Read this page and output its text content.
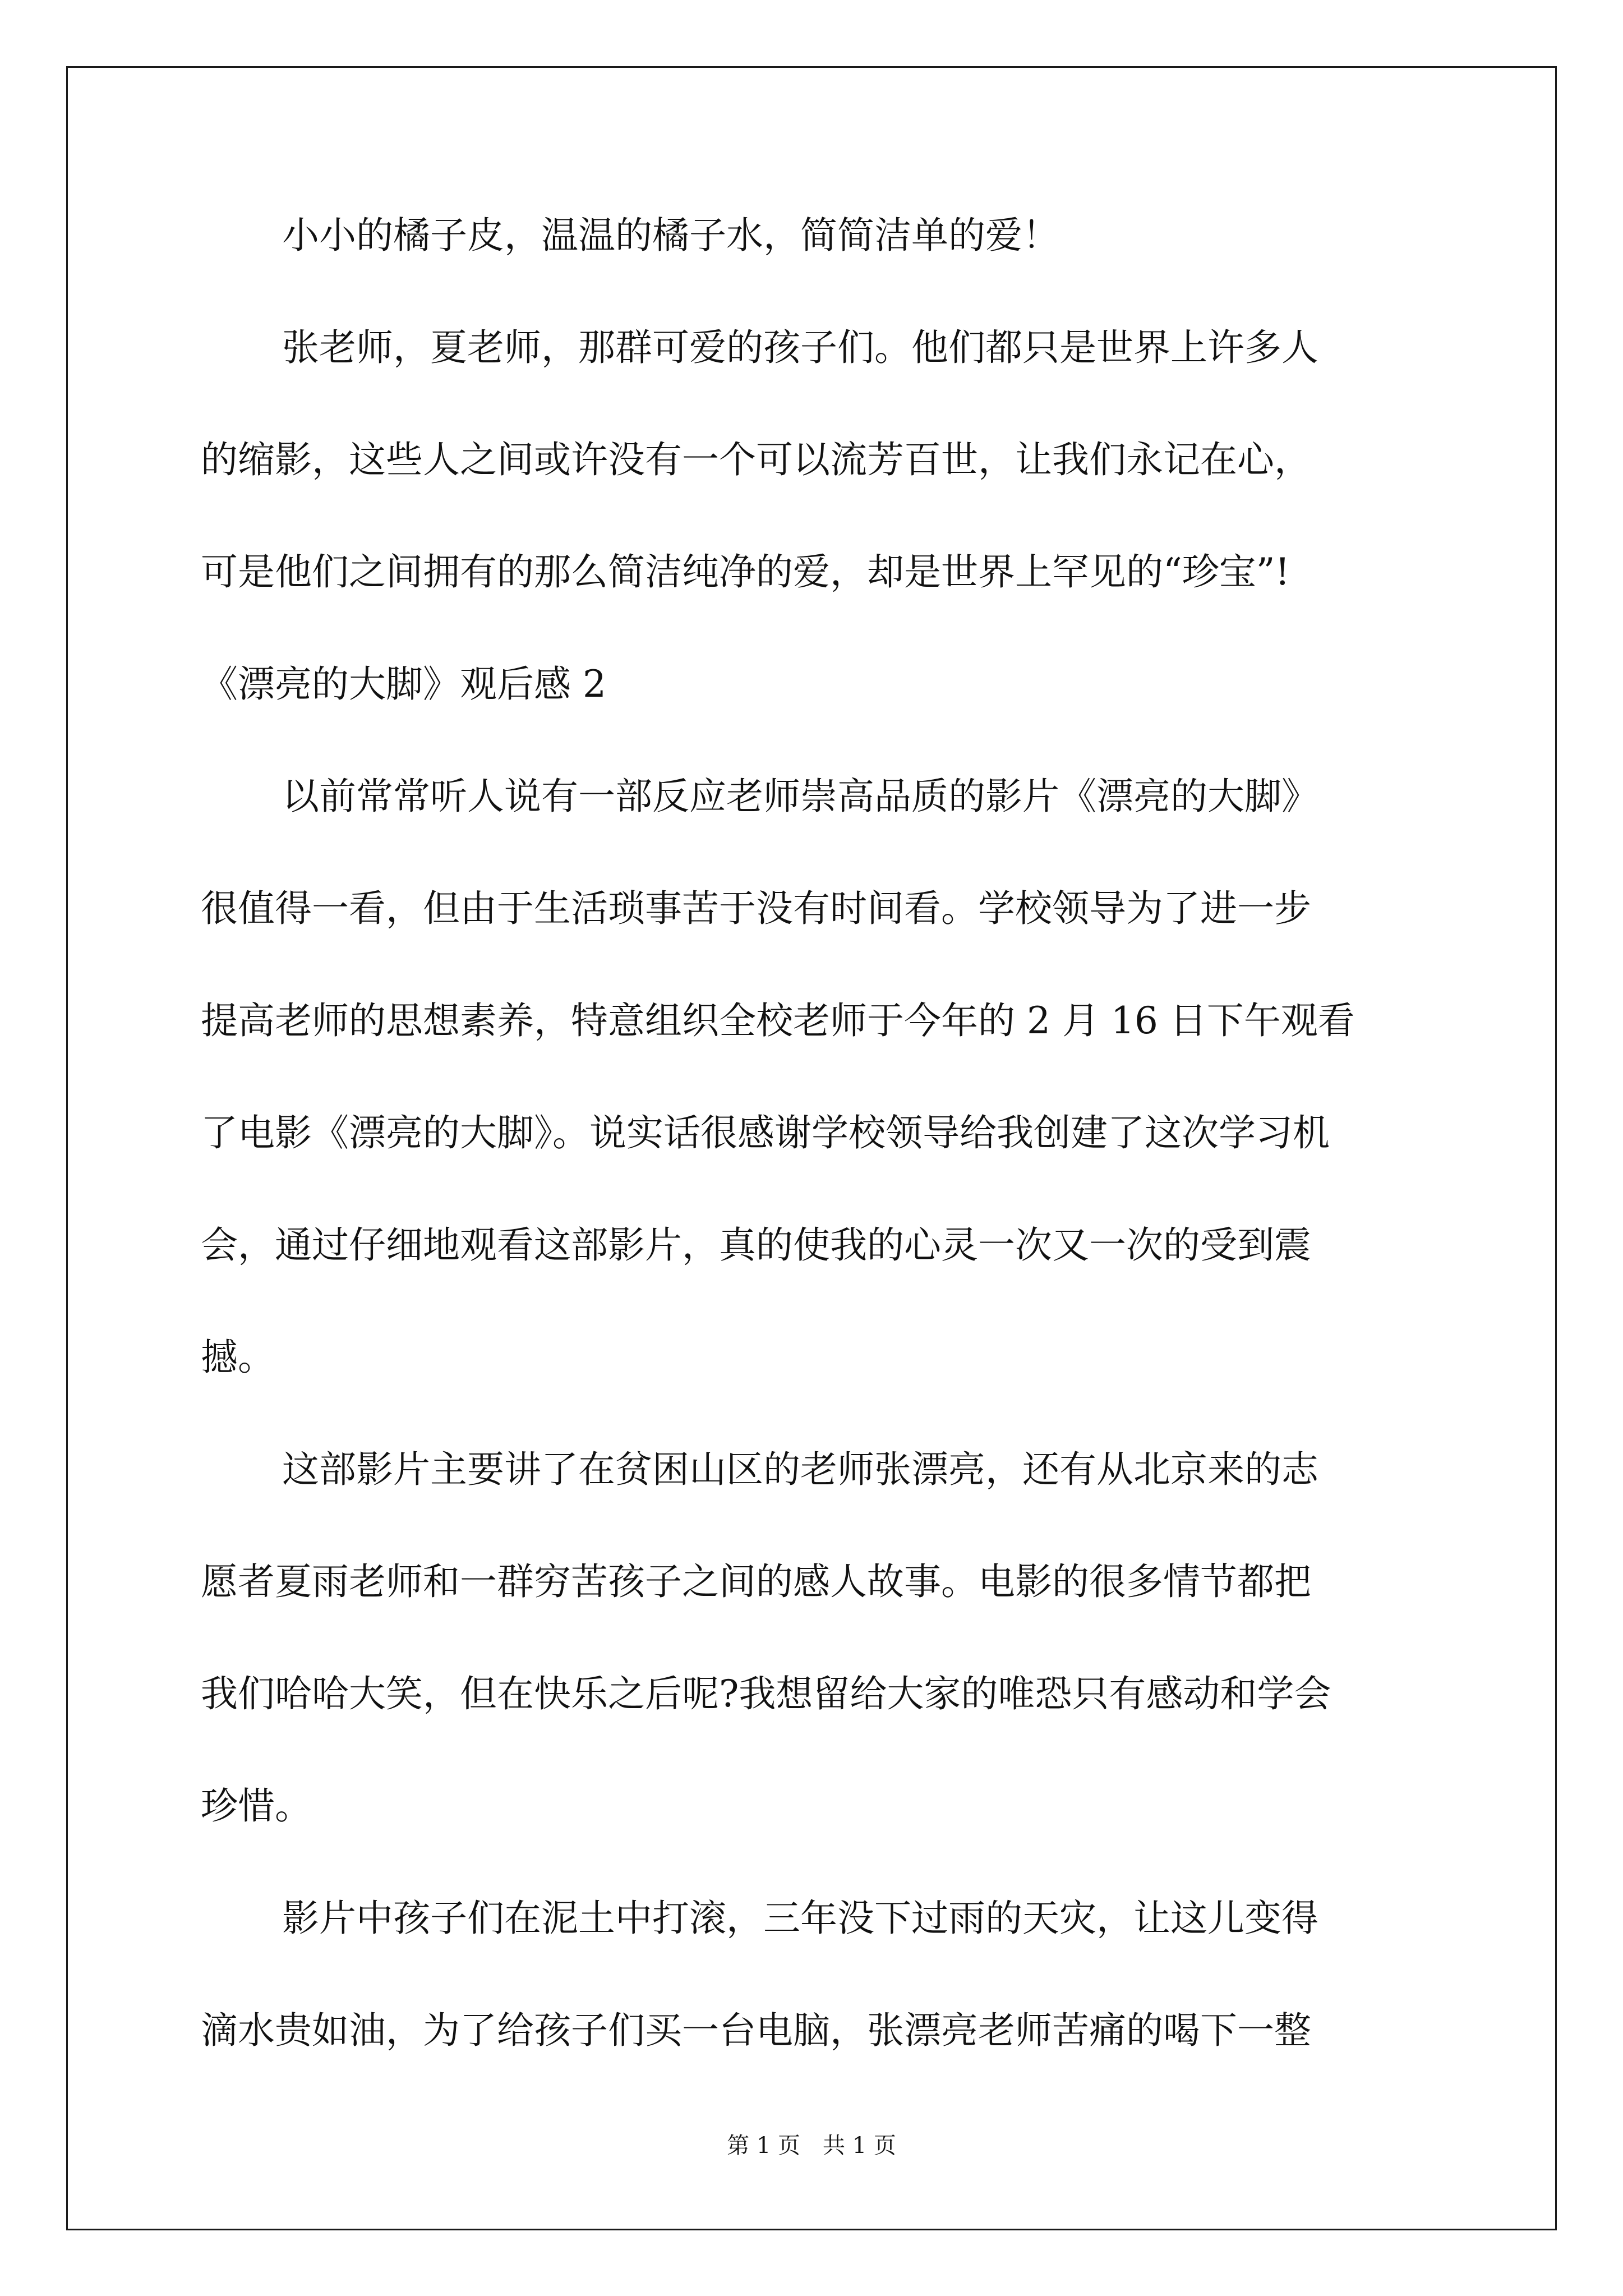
小小的橘子皮，温温的橘子水，简简洁单的爱！
张老师，夏老师，那群可爱的孩子们。他们都只是世界上许多人
的缩影，这些人之间或许没有一个可以流芳百世，让我们永记在心，
可是他们之间拥有的那么简洁纯净的爱，却是世界上罕见的“珍宝”!
《漂亮的大脚》观后感 2
以前常常听人说有一部反应老师崇高品质的影片《漂亮的大脚》
很值得一看，但由于生活琐事苦于没有时间看。学校领导为了进一步
提高老师的思想素养，特意组织全校老师于今年的 2 月 16 日下午观看
了电影《漂亮的大脚》。说实话很感谢学校领导给我创建了这次学习机
会，通过仔细地观看这部影片，真的使我的心灵一次又一次的受到震
撼。
这部影片主要讲了在贫困山区的老师张漂亮，还有从北京来的志
愿者夏雨老师和一群穷苦孩子之间的感人故事。电影的很多情节都把
我们哈哈大笑，但在快乐之后呢?我想留给大家的唯恐只有感动和学会
珍惜。
影片中孩子们在泥土中打滚，三年没下过雨的天灾，让这儿变得
滴水贵如油，为了给孩子们买一台电脑，张漂亮老师苦痛的喝下一整
第 1 页　共 1 页
